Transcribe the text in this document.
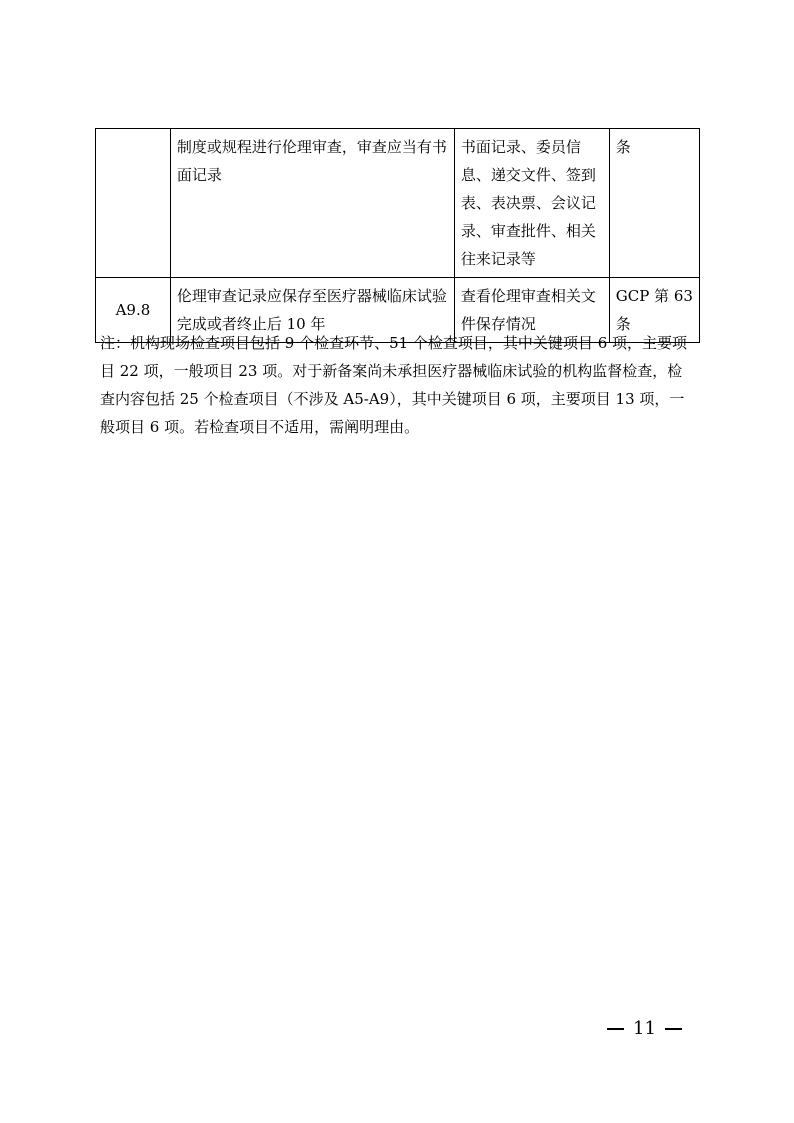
	制度或规程进行伦理审查，审查应当有书面记录	书面记录、委员信息、递交文件、签到表、表决票、会议记录、审查批件、相关往来记录等	条
A9.8	伦理审查记录应保存至医疗器械临床试验完成或者终止后 10 年	查看伦理审查相关文件保存情况	GCP 第 63 条

注：机构现场检查项目包括 9 个检查环节、51 个检查项目，其中关键项目 6 项，主要项目 22 项，一般项目 23 项。对于新备案尚未承担医疗器械临床试验的机构监督检查，检查内容包括 25 个检查项目（不涉及 A5-A9），其中关键项目 6 项，主要项目 13 项，一般项目 6 项。若检查项目不适用，需阐明理由。

11
